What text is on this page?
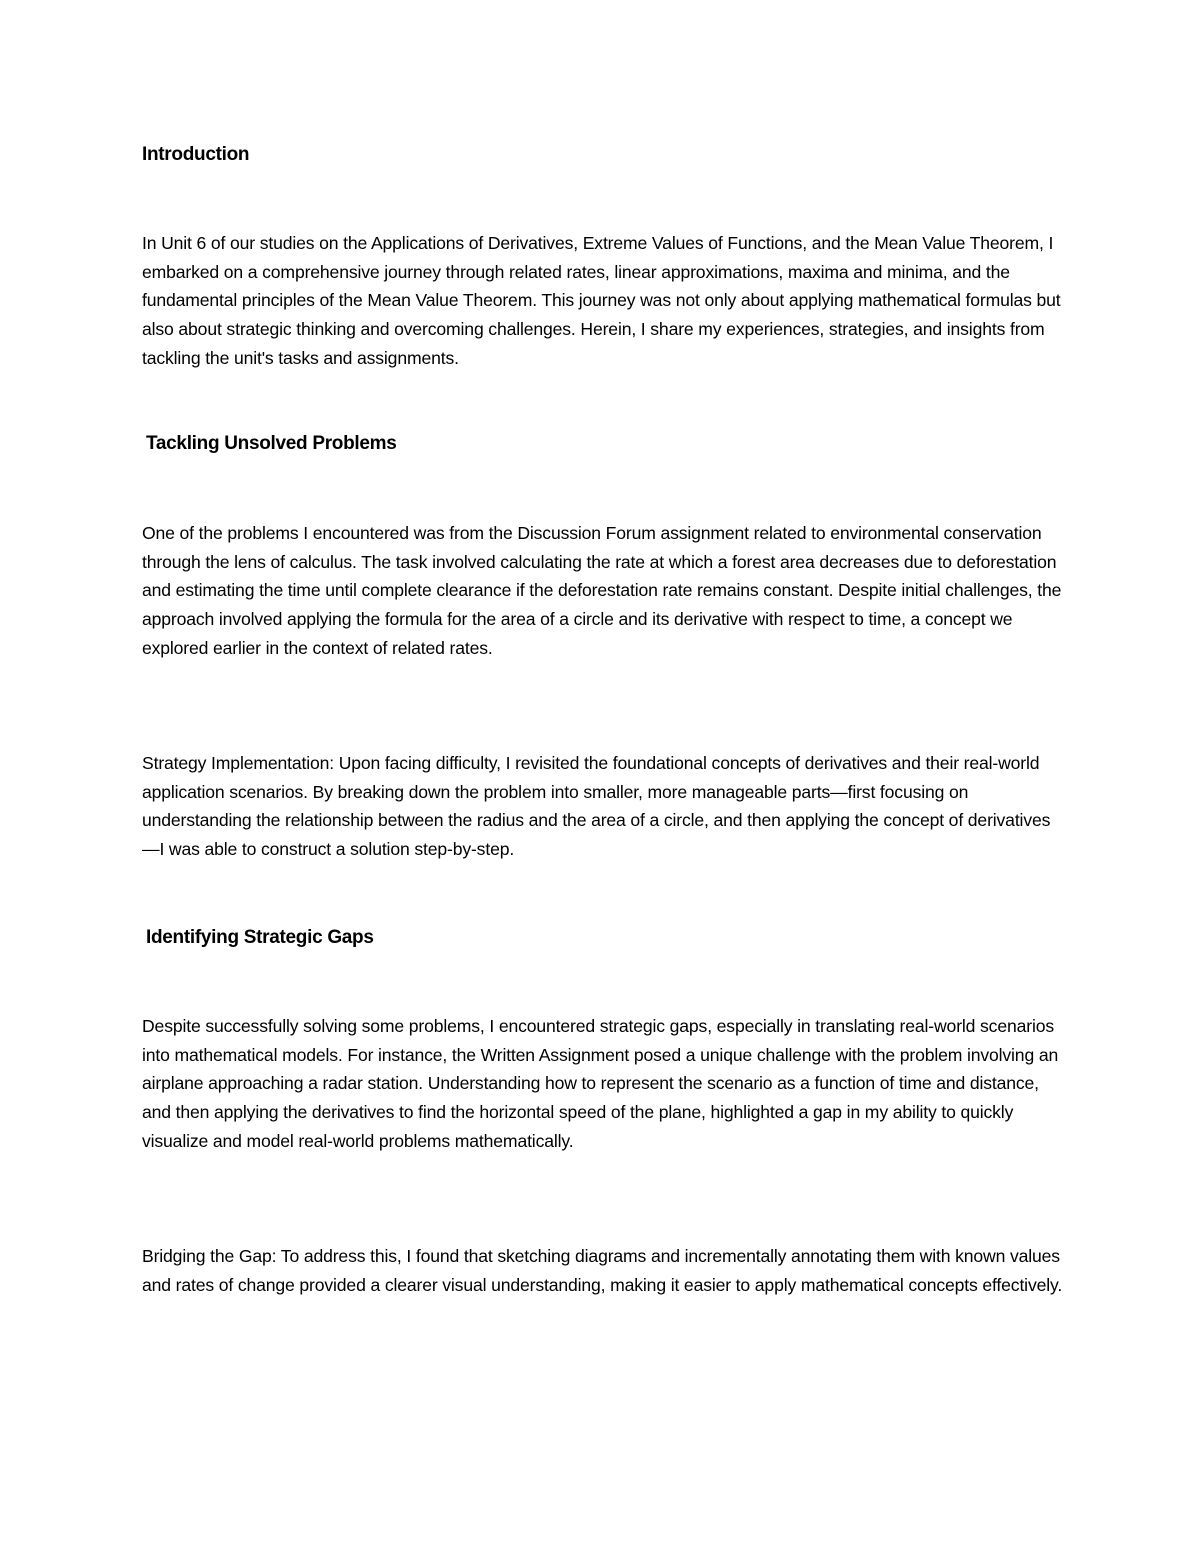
Introduction

In Unit 6 of our studies on the Applications of Derivatives, Extreme Values of Functions, and the Mean Value Theorem, I embarked on a comprehensive journey through related rates, linear approximations, maxima and minima, and the fundamental principles of the Mean Value Theorem. This journey was not only about applying mathematical formulas but also about strategic thinking and overcoming challenges. Herein, I share my experiences, strategies, and insights from tackling the unit's tasks and assignments.

Tackling Unsolved Problems

One of the problems I encountered was from the Discussion Forum assignment related to environmental conservation through the lens of calculus. The task involved calculating the rate at which a forest area decreases due to deforestation and estimating the time until complete clearance if the deforestation rate remains constant. Despite initial challenges, the approach involved applying the formula for the area of a circle and its derivative with respect to time, a concept we explored earlier in the context of related rates.

Strategy Implementation: Upon facing difficulty, I revisited the foundational concepts of derivatives and their real-world application scenarios. By breaking down the problem into smaller, more manageable parts—first focusing on understanding the relationship between the radius and the area of a circle, and then applying the concept of derivatives—I was able to construct a solution step-by-step.

Identifying Strategic Gaps

Despite successfully solving some problems, I encountered strategic gaps, especially in translating real-world scenarios into mathematical models. For instance, the Written Assignment posed a unique challenge with the problem involving an airplane approaching a radar station. Understanding how to represent the scenario as a function of time and distance, and then applying the derivatives to find the horizontal speed of the plane, highlighted a gap in my ability to quickly visualize and model real-world problems mathematically.

Bridging the Gap: To address this, I found that sketching diagrams and incrementally annotating them with known values and rates of change provided a clearer visual understanding, making it easier to apply mathematical concepts effectively.
